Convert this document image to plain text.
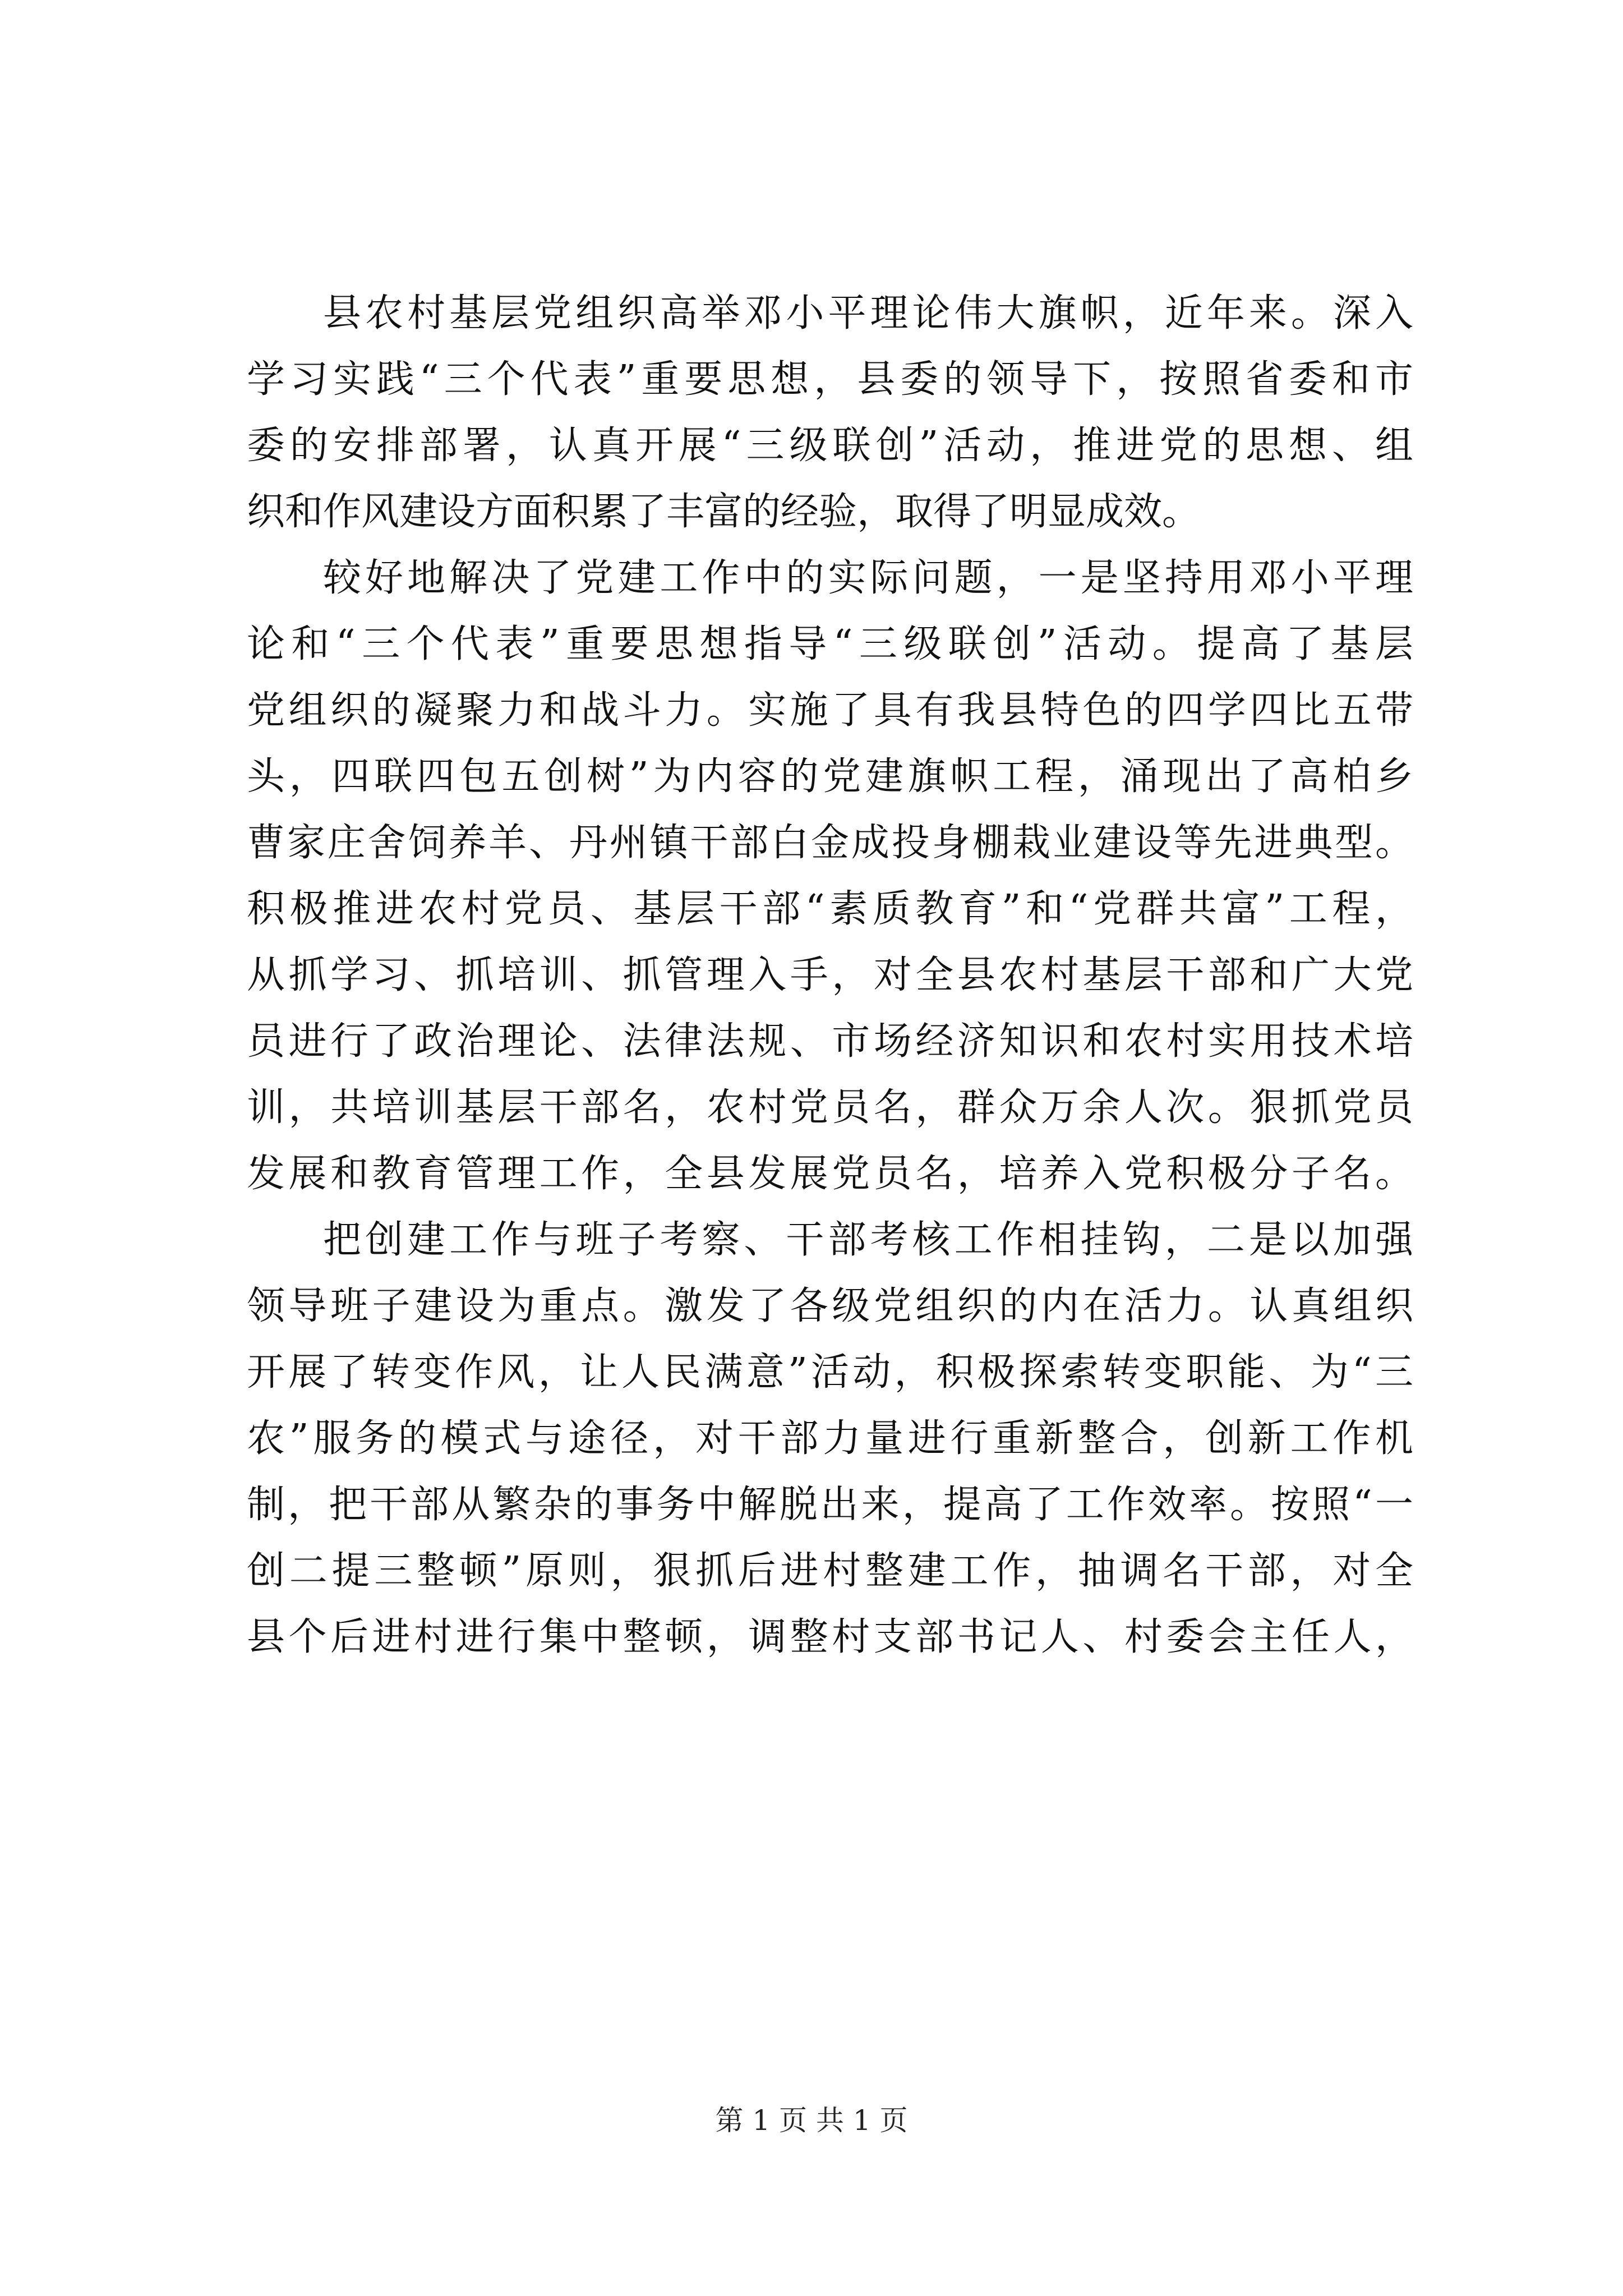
县农村基层党组织高举邓小平理论伟大旗帜，近年来。深入
学习实践“三个代表”重要思想，县委的领导下，按照省委和市
委的安排部署，认真开展“三级联创”活动，推进党的思想、组
织和作风建设方面积累了丰富的经验，取得了明显成效。
较好地解决了党建工作中的实际问题，一是坚持用邓小平理
论和“三个代表”重要思想指导“三级联创”活动。提高了基层
党组织的凝聚力和战斗力。实施了具有我县特色的四学四比五带
头，四联四包五创树”为内容的党建旗帜工程，涌现出了高柏乡
曹家庄舍饲养羊、丹州镇干部白金成投身棚栽业建设等先进典型。
积极推进农村党员、基层干部“素质教育”和“党群共富”工程，
从抓学习、抓培训、抓管理入手，对全县农村基层干部和广大党
员进行了政治理论、法律法规、市场经济知识和农村实用技术培
训，共培训基层干部名，农村党员名，群众万余人次。狠抓党员
发展和教育管理工作，全县发展党员名，培养入党积极分子名。
把创建工作与班子考察、干部考核工作相挂钩，二是以加强
领导班子建设为重点。激发了各级党组织的内在活力。认真组织
开展了转变作风，让人民满意”活动，积极探索转变职能、为“三
农”服务的模式与途径，对干部力量进行重新整合，创新工作机
制，把干部从繁杂的事务中解脱出来，提高了工作效率。按照“一
创二提三整顿”原则，狠抓后进村整建工作，抽调名干部，对全
县个后进村进行集中整顿，调整村支部书记人、村委会主任人，
第 1 页 共 1 页
